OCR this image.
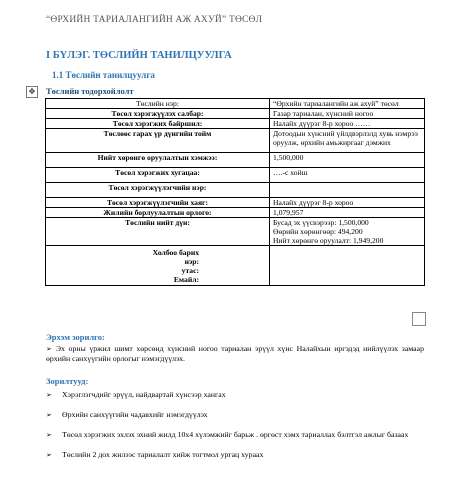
“ӨРХИЙН ТАРИАЛАНГИЙН АЖ АХУЙ” ТӨСӨЛ
I БҮЛЭГ. ТӨСЛИЙН ТАНИЛЦУУЛГА
1.1 Төслийн танилцуулга
✥	Төслийн тодорхойлолт
Төслийн нэр:	“Өрхийн тариалангийн аж ахуй” төсөл
Төсөл хэрэгжүүлэх салбар:	Газар тариалан, хүнсний ногоо
Төсөл хэрэгжих байршил:	Налайх дүүрэг 8-р хороо ……
Төслөөс гарах үр дүнгийн тойм	Дотоодын хүнсний үйлдвэрлэлд хувь нэмрээ оруулж, өрхийн амьжиргааг дэмжих
Нийт хөрөнгө оруулалтын хэмжээ:	1,500,000
Төсөл хэрэгжих хугацаа:	….-с хойш
Төсөл хэрэгжүүлэгчийн нэр:	
Төсөл хэрэгжүүлэгчийн хаяг:	Налайх дүүрэг 8-р хороо
Жилийн борлуулалтын орлого:	1,079,957
Төслийн нийт дүн:	Бусад эх үүсвэрээр: 1,500,000
Өөрийн хөрөнгөөр: 494,200
Нийт хөрөнгө оруулалт: 1,949,200

Холбоо барих
нэр:
утас:
Емайл:	

Эрхэм зорилго:
➢ Эх орны үржил шимт хөрсөнд хүнсний ногоо тариалан эрүүл хүнс Налайхын иргэдэд нийлүүлэх замаар өрхийн санхүүгийн орлогыг нэмэгдүүлэх.
Зорилтууд:
➢	Хэрэглэгчдийг эрүүл, найдвартай хүнсээр хангах
➢	Өрхийн санхүүгийн чадавхийг нэмэгдүүлэх
➢	Төсөл хэрэгжих эхлэх эхний жилд 10х4 хүлэмжийг барьж . өргөст хэмх тариаллах бэлтгэл ажлыг базаах
➢	Төслийн 2 дох жилээс тариалалт хийж тогтмол ургац хураах
